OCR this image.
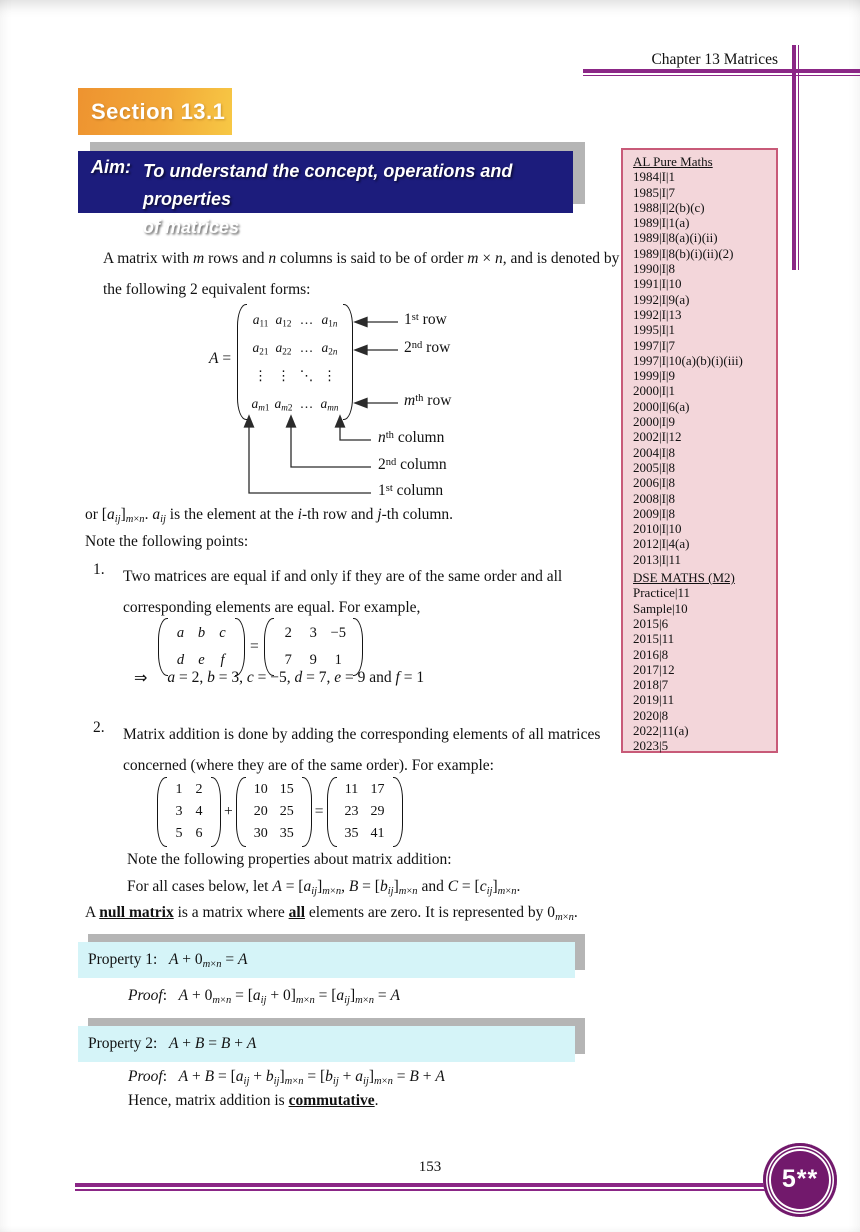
Chapter 13 Matrices
Section 13.1
Aim: To understand the concept, operations and properties
of matrices
AL Pure Maths
1984|I|1
1985|I|7
1988|I|2(b)(c)
1989|I|1(a)
1989|I|8(a)(i)(ii)
1989|I|8(b)(i)(ii)(2)
1990|I|8
1991|I|10
1992|I|9(a)
1992|I|13
1995|I|1
1997|I|7
1997|I|10(a)(b)(i)(iii)
1999|I|9
2000|I|1
2000|I|6(a)
2000|I|9
2002|I|12
2004|I|8
2005|I|8
2006|I|8
2008|I|8
2009|I|8
2010|I|10
2012|I|4(a)
2013|I|11
DSE MATHS (M2)
Practice|11
Sample|10
2015|6
2015|11
2016|8
2017|12
2018|7
2019|11
2020|8
2022|11(a)
2023|5
A matrix with m rows and n columns is said to be of order m × n, and is denoted by
the following 2 equivalent forms:
A =
$a_{11}$ $a_{12}$ … $a_{1n}$
$a_{21}$ $a_{22}$ … $a_{2n}$
⋮ ⋮ ⋱ ⋮
$a_{m1}$ $a_{m2}$ … $a_{mn}$
1st row
2nd row
$m^{th}$ row
$n^{th}$ column
2nd column
1st column
or $[a_{ij}]_{m\times n}$. $a_{ij}$ is the element at the i-th row and j-th column.
Note the following points:
1. Two matrices are equal if and only if they are of the same order and all
corresponding elements are equal. For example,
a b c
d e	f
=
2	3 −5
7	9	1
⇒ a = 2, b = 3, c = −5, d = 7, e = 9 and f = 1
2. Matrix addition is done by adding the corresponding elements of all matrices
concerned (where they are of the same order). For example:
1 2
3 4
5 6
+
10 15
20 25
30 35
=
11 17
23 29
35 41
Note the following properties about matrix addition:
For all cases below, let $A = [a_{ij}]_{m\times n}$, $B = [b_{ij}]_{m\times n}$ and $C = [c_{ij}]_{m\times n}$.
A null matrix is a matrix where all elements are zero. It is represented by $0_{m\times n}$.
Property 1:   $A + 0_{m\times n} = A$
Proof:   $A + 0_{m\times n} = [a_{ij} + 0]_{m\times n} = [a_{ij}]_{m\times n} = A$
Property 2:   A + B = B + A
Proof:   $A + B = [a_{ij} + b_{ij}]_{m\times n} = [b_{ij} + a_{ij}]_{m\times n} = B + A$
Hence, matrix addition is commutative.
153	5**
